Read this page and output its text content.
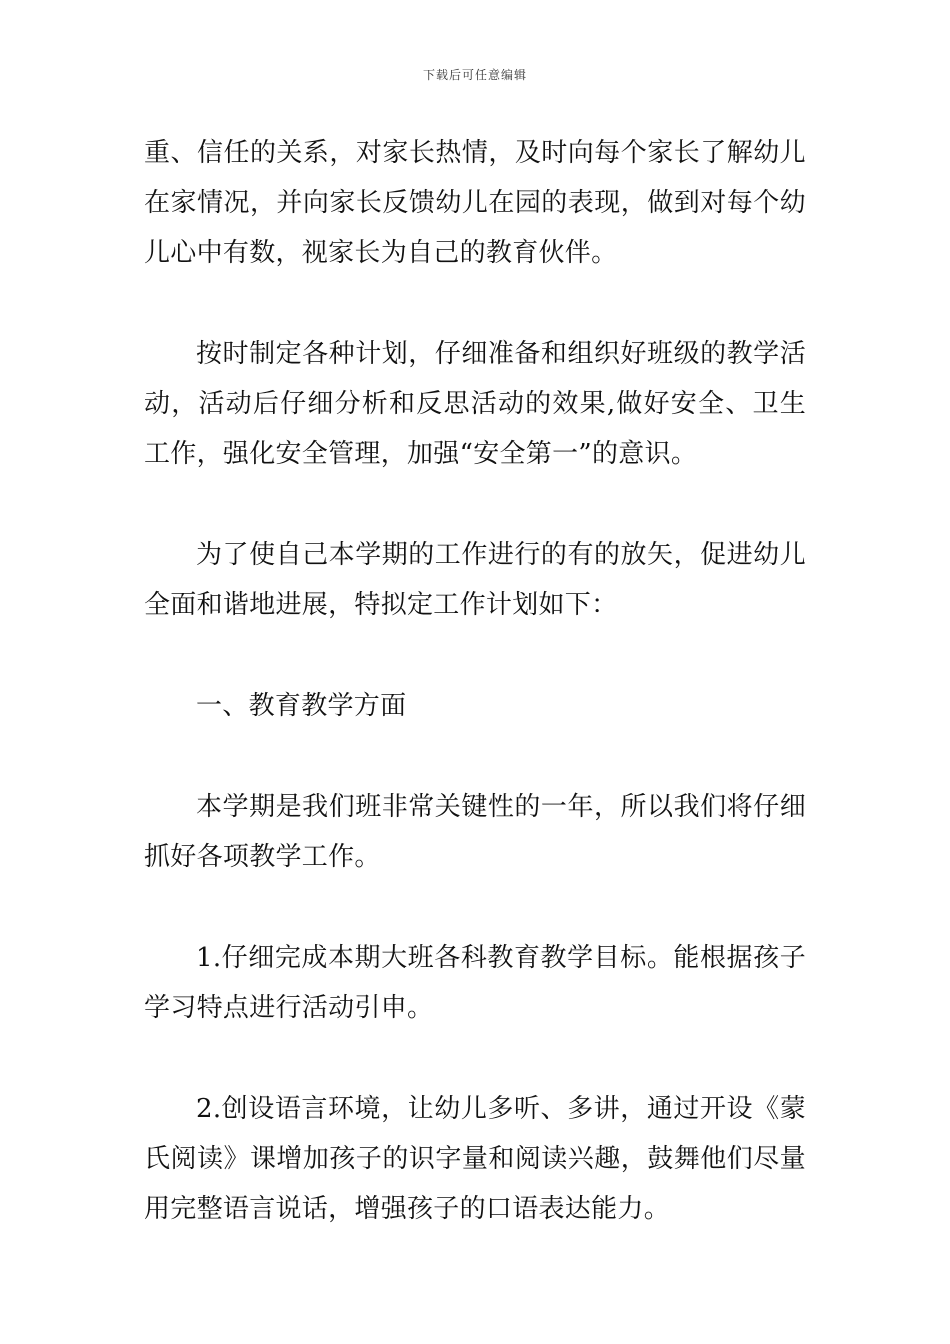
下载后可任意编辑

重、信任的关系，对家长热情，及时向每个家长了解幼儿在家情况，并向家长反馈幼儿在园的表现，做到对每个幼儿心中有数，视家长为自己的教育伙伴。

按时制定各种计划，仔细准备和组织好班级的教学活动，活动后仔细分析和反思活动的效果,做好安全、卫生工作，强化安全管理，加强“安全第一”的意识。

为了使自己本学期的工作进行的有的放矢，促进幼儿全面和谐地进展，特拟定工作计划如下：

一、教育教学方面

本学期是我们班非常关键性的一年，所以我们将仔细抓好各项教学工作。

1.仔细完成本期大班各科教育教学目标。能根据孩子学习特点进行活动引申。

2.创设语言环境，让幼儿多听、多讲，通过开设《蒙氏阅读》课增加孩子的识字量和阅读兴趣，鼓舞他们尽量用完整语言说话，增强孩子的口语表达能力。
